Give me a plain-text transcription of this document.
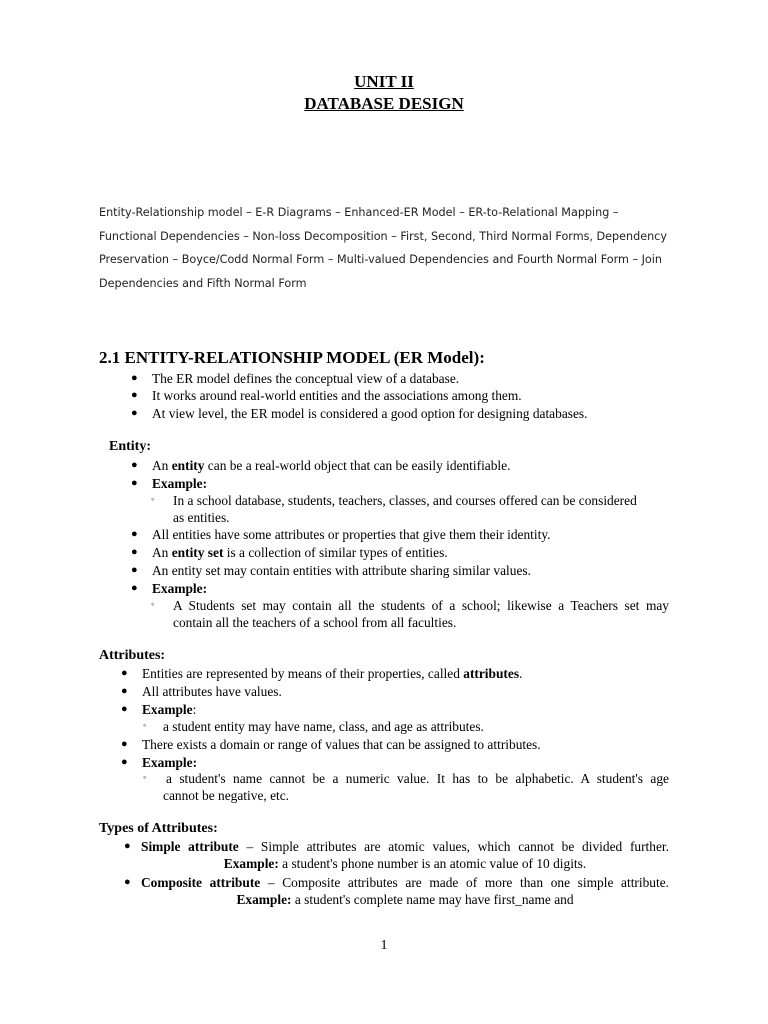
UNIT II
DATABASE DESIGN
Entity-Relationship model – E-R Diagrams – Enhanced-ER Model – ER-to-Relational Mapping – Functional Dependencies – Non-loss Decomposition – First, Second, Third Normal Forms, Dependency Preservation – Boyce/Codd Normal Form – Multi-valued Dependencies and Fourth Normal Form – Join Dependencies and Fifth Normal Form
2.1 ENTITY-RELATIONSHIP MODEL (ER Model):
● The ER model defines the conceptual view of a database.
● It works around real-world entities and the associations among them.
● At view level, the ER model is considered a good option for designing databases.
Entity:
● An entity can be a real-world object that can be easily identifiable.
● Example:
◦ In a school database, students, teachers, classes, and courses offered can be considered
as entities.
● All entities have some attributes or properties that give them their identity.
● An entity set is a collection of similar types of entities.
● An entity set may contain entities with attribute sharing similar values.
● Example:
◦ A Students set may contain all the students of a school; likewise a Teachers set may
contain all the teachers of a school from all faculties.
Attributes:
● Entities are represented by means of their properties, called attributes.
● All attributes have values.
● Example:
◦ a student entity may have name, class, and age as attributes.
● There exists a domain or range of values that can be assigned to attributes.
● Example:
◦ a student's name cannot be a numeric value. It has to be alphabetic. A student's age
cannot be negative, etc.
Types of Attributes:
● Simple attribute – Simple attributes are atomic values, which cannot be divided further.
Example: a student's phone number is an atomic value of 10 digits.
● Composite attribute – Composite attributes are made of more than one simple attribute.
Example: a student's complete name may have first_name and
1
